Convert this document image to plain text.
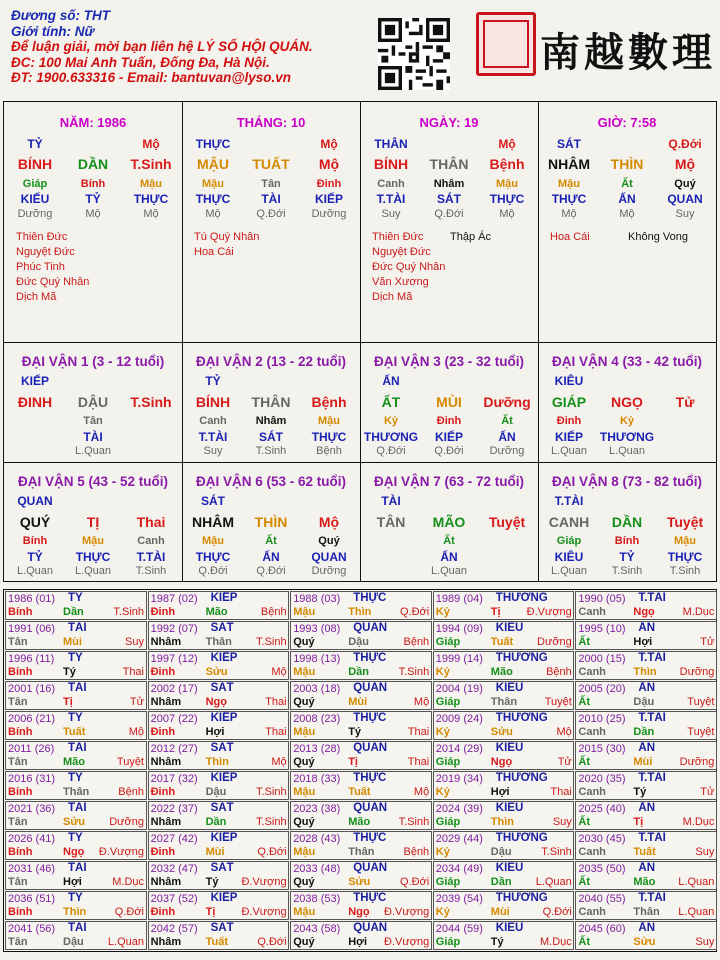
Đương số: THT
Giới tính: Nữ
Để luận giải, mời bạn liên hệ LÝ SỐ HỘI QUÁN.
ĐC: 100 Mai Anh Tuấn, Đống Đa, Hà Nội.
ĐT: 1900.633316 - Email: bantuvan@lyso.vn
南越數理
NĂM: 1986
TỶ	Mộ
BÍNH	DẦN	T.Sinh
Giáp	Bính	Mậu
KIẾU	TỶ	THỰC
Dưỡng	Mộ	Mộ
Thiên Đức
Nguyệt Đức
Phúc Tinh
Đức Quý Nhân
Dịch Mã
THÁNG: 10
THỰC	Mộ
MẬU	TUẤT	Mộ
Mậu	Tân	Đinh
THỰC	TÀI	KIẾP
Mộ	Q.Đới	Dưỡng
Tú Quý Nhân
Hoa Cái
NGÀY: 19
THÂN	Mộ
BÍNH	THÂN	Bệnh
Canh	Nhâm	Mậu
T.TÀI	SÁT	THỰC
Suy	Q.Đới	Mộ
Thiên Đức
Nguyệt Đức
Đức Quý Nhân
Văn Xương
Dịch Mã
Thập Ác
GIỜ: 7:58
SÁT	Q.Đới
NHÂM	THÌN	Mộ
Mậu	Ất	Quý
THỰC	ẤN	QUAN
Mộ	Mộ	Suy
Hoa Cái	Không Vong
ĐẠI VẬN 1 (3 - 12 tuổi)
KIẾP
ĐINH	DẬU	T.Sinh
Tân
TÀI
L.Quan
ĐẠI VẬN 2 (13 - 22 tuổi)
TỶ
BÍNH	THÂN	Bệnh
Canh	Nhâm	Mậu
T.TÀI	SÁT	THỰC
Suy	T.Sinh	Bệnh
ĐẠI VẬN 3 (23 - 32 tuổi)
ẤN
ẤT	MÙI	Dưỡng
Kỷ	Đinh	Ất
THƯƠNG	KIẾP	ẤN
Q.Đới	Q.Đới	Dưỡng
ĐẠI VẬN 4 (33 - 42 tuổi)
KIÊU
GIÁP	NGỌ	Tử
Đinh	Kỷ
KIẾP	THƯƠNG
L.Quan	L.Quan
ĐẠI VẬN 5 (43 - 52 tuổi)
QUAN
QUÝ	TỊ	Thai
Bính	Mậu	Canh
TỶ	THỰC	T.TÀI
L.Quan	L.Quan	T.Sinh
ĐẠI VẬN 6 (53 - 62 tuổi)
SÁT
NHÂM	THÌN	Mộ
Mậu	Ất	Quý
THỰC	ẤN	QUAN
Q.Đới	Q.Đới	Dưỡng
ĐẠI VẬN 7 (63 - 72 tuổi)
TÀI
TÂN	MÃO	Tuyệt
Ất
ẤN
L.Quan
ĐẠI VẬN 8 (73 - 82 tuổi)
T.TÀI
CANH	DẦN	Tuyệt
Giáp	Bính	Mậu
KIÊU	TỶ	THỰC
L.Quan	T.Sinh	T.Sinh
1986 (01) TỶ
Bính	Dần	T.Sinh
1987 (02) KIẾP
Đinh	Mão	Bệnh
1988 (03) THỰC
Mậu	Thìn	Q.Đới
1989 (04) THƯƠNG
Kỷ	Tị Đ.Vượng
1990 (05) T.TÀI
Canh	Ngọ	M.Dục
1991 (06) TÀI
Tân	Mùi	Suy
1992 (07) SÁT
Nhâm Thân T.Sinh
1993 (08) QUAN
Quý	Dậu	Bệnh
1994 (09) KIÊU
Giáp	Tuất Dưỡng
1995 (10) ẤN
Ất	Hợi	Tử
1996 (11) TỶ
Bính	Tý	Thai
1997 (12) KIẾP
Đinh	Sửu	Mộ
1998 (13) THỰC
Mậu	Dần	T.Sinh
1999 (14) THƯƠNG
Kỷ	Mão	Bệnh
2000 (15) T.TÀI
Canh	Thìn Dưỡng
2001 (16) TÀI
Tân	Tị	Tử
2002 (17) SÁT
Nhâm Ngọ	Thai
2003 (18) QUAN
Quý	Mùi	Mộ
2004 (19) KIÊU
Giáp	Thân	Tuyệt
2005 (20) ẤN
Ất	Dậu	Tuyệt
2006 (21) TỶ
Bính	Tuất	Mộ
2007 (22) KIẾP
Đinh	Hợi	Thai
2008 (23) THỰC
Mậu	Tý	Thai
2009 (24) THƯƠNG
Kỷ	Sửu	Mộ
2010 (25) T.TÀI
Canh	Dần	Tuyệt
2011 (26) TÀI
Tân	Mão	Tuyệt
2012 (27) SÁT
Nhâm Thìn	Mộ
2013 (28) QUAN
Quý	Tị	Thai
2014 (29) KIÊU
Giáp	Ngọ	Tử
2015 (30) ẤN
Ất	Mùi Dưỡng
2016 (31) TỶ
Bính	Thân	Bệnh
2017 (32) KIẾP
Đinh	Dậu	T.Sinh
2018 (33) THỰC
Mậu	Tuất	Mộ
2019 (34) THƯƠNG
Kỷ	Hợi	Thai
2020 (35) T.TÀI
Canh	Tý	Tử
2021 (36) TÀI
Tân	Sửu Dưỡng
2022 (37) SÁT
Nhâm Dần	T.Sinh
2023 (38) QUAN
Quý	Mão	T.Sinh
2024 (39) KIÊU
Giáp	Thìn	Suy
2025 (40) ẤN
Ất	Tị	M.Dục
2026 (41) TỶ
Bính	Ngọ Đ.Vượng
2027 (42) KIẾP
Đinh	Mùi	Q.Đới
2028 (43) THỰC
Mậu	Thân	Bệnh
2029 (44) THƯƠNG
Kỷ	Dậu	T.Sinh
2030 (45) T.TÀI
Canh	Tuất	Suy
2031 (46) TÀI
Tân	Hợi	M.Dục
2032 (47) SÁT
Nhâm Tý Đ.Vượng
2033 (48) QUAN
Quý	Sửu	Q.Đới
2034 (49) KIÊU
Giáp	Dần L.Quan
2035 (50) ẤN
Ất	Mão L.Quan
2036 (51) TỶ
Bính	Thìn	Q.Đới
2037 (52) KIẾP
Đinh	Tị Đ.Vượng
2038 (53) THỰC
Mậu	Ngọ Đ.Vượng
2039 (54) THƯƠNG
Kỷ	Mùi	Q.Đới
2040 (55) T.TÀI
Canh	Thân L.Quan
2041 (56) TÀI
Tân	Dậu L.Quan
2042 (57) SÁT
Nhâm Tuất	Q.Đới
2043 (58) QUAN
Quý	Hợi Đ.Vượng
2044 (59) KIÊU
Giáp	Tý	M.Dục
2045 (60) ẤN
Ất	Sửu	Suy
